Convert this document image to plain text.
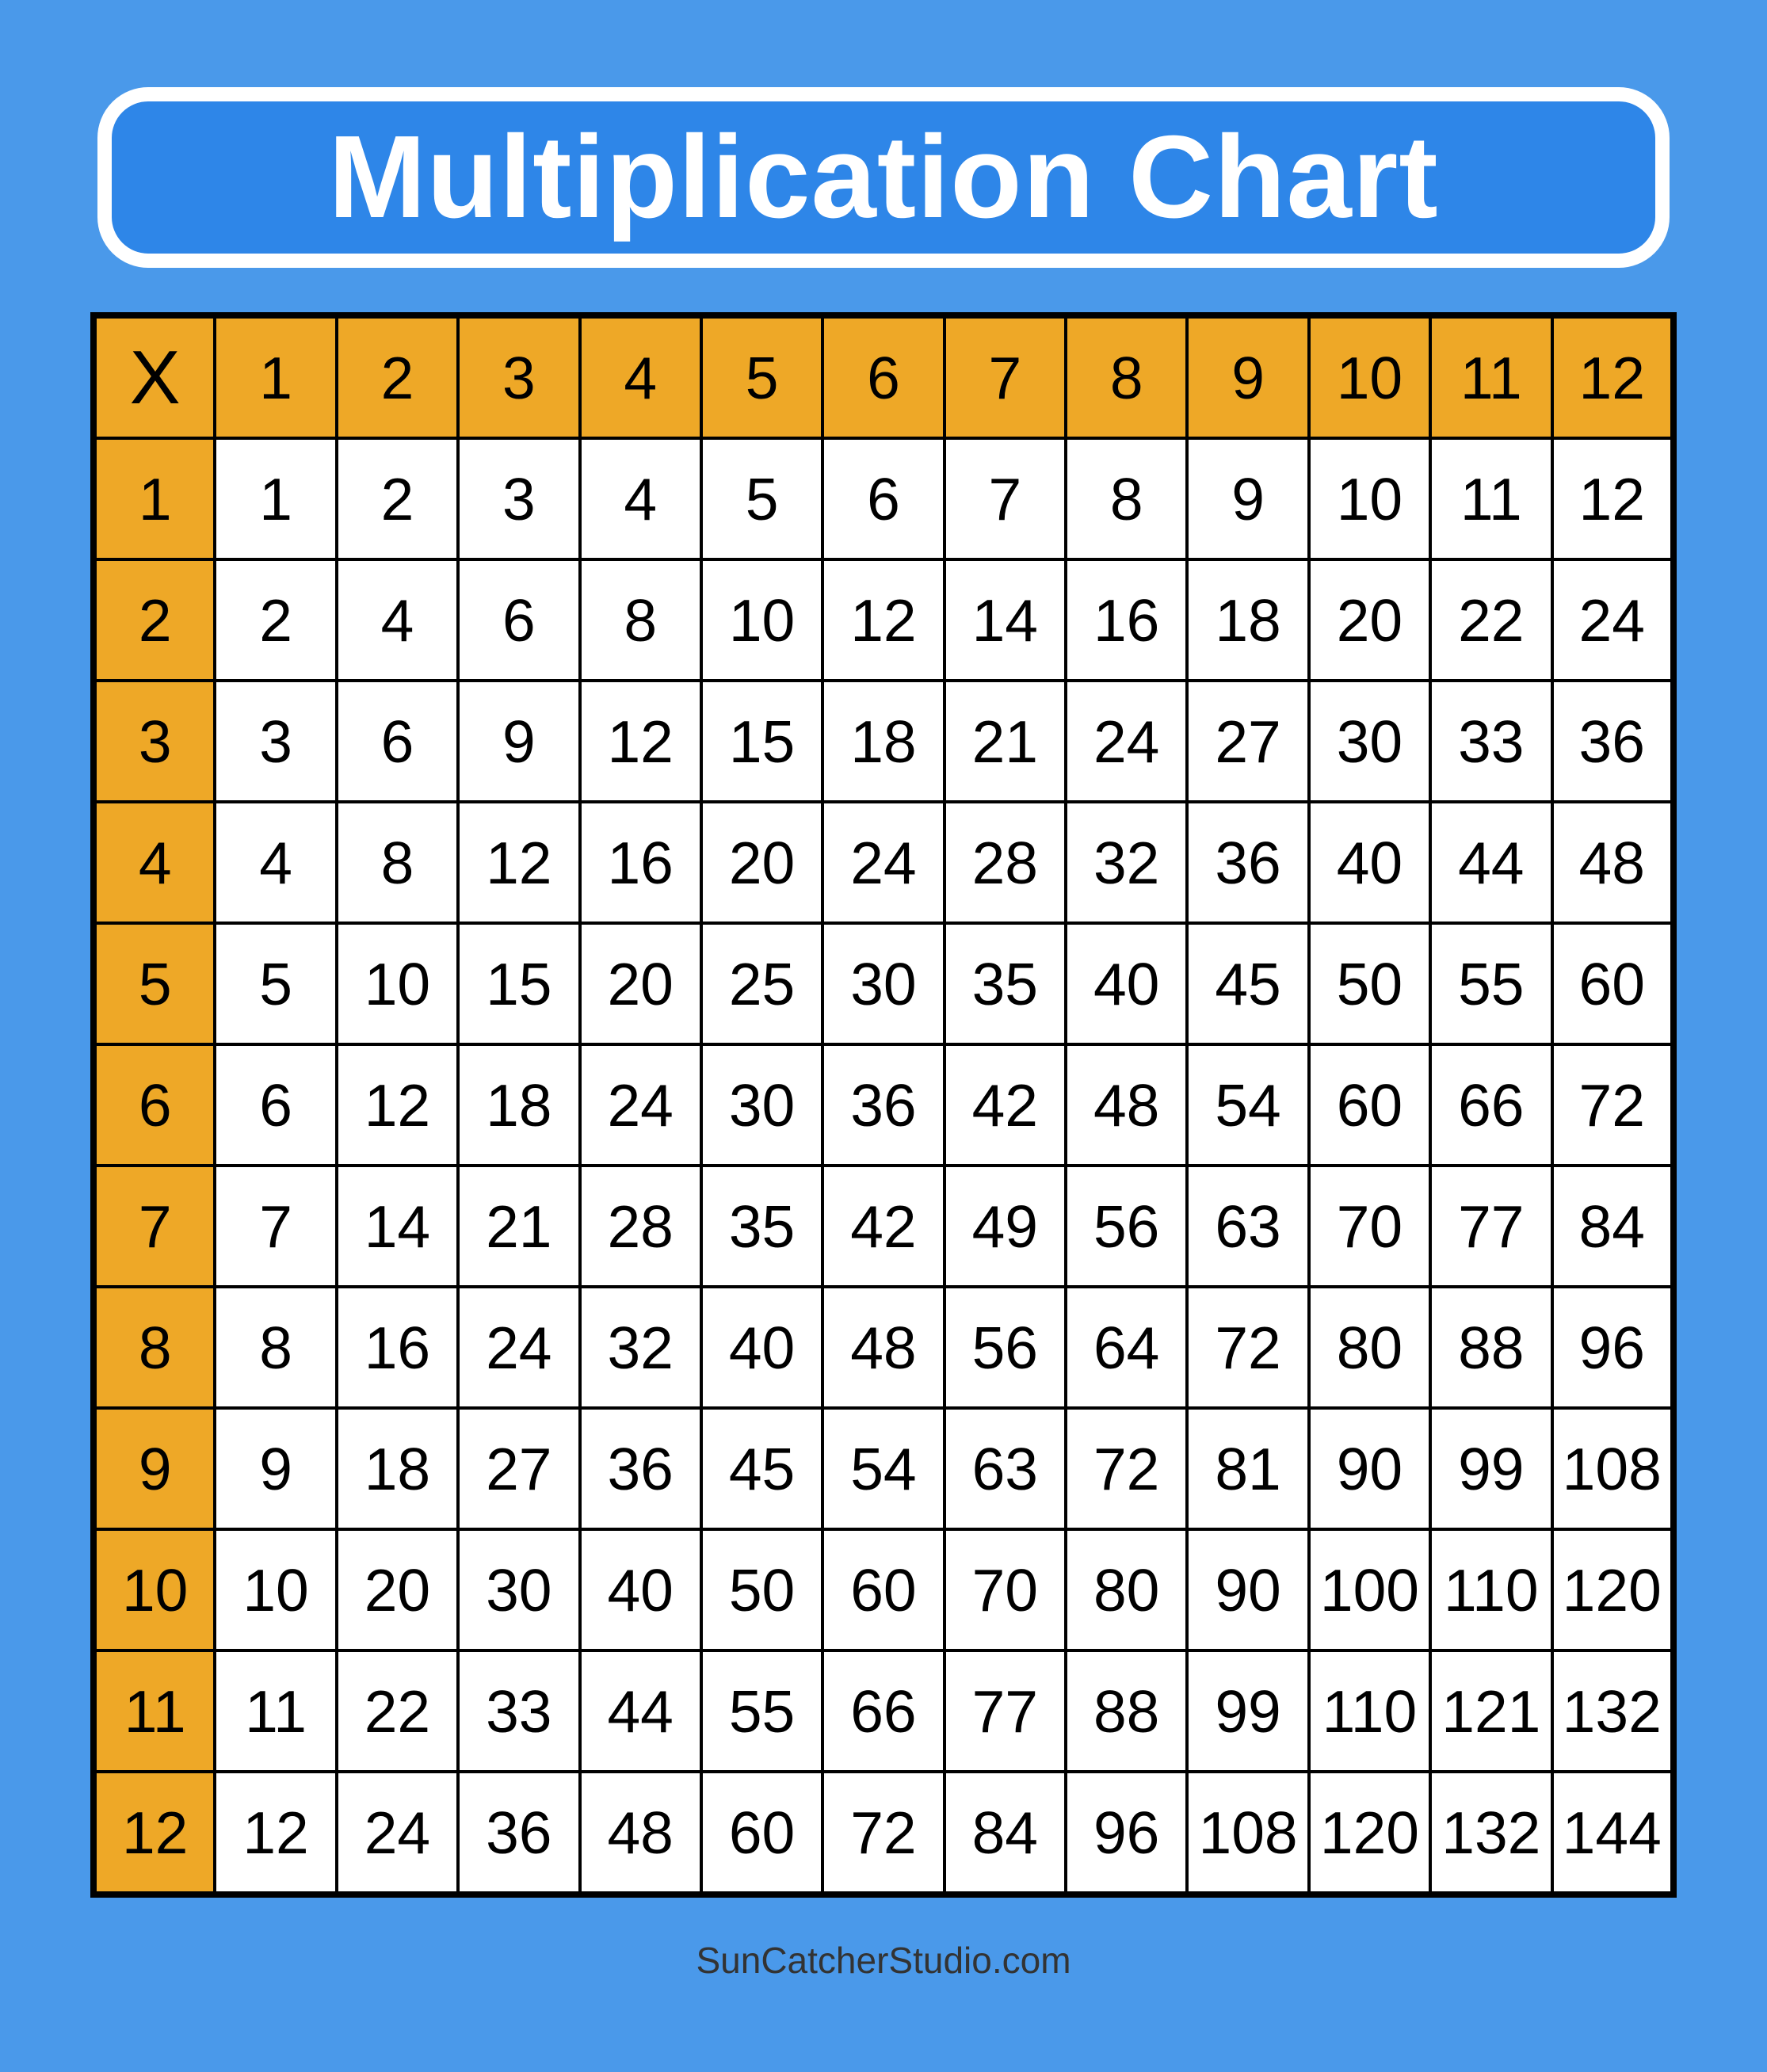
Multiplication Chart
X	1	2	3	4	5	6	7	8	9	10	11	12
1	1	2	3	4	5	6	7	8	9	10	11	12
2	2	4	6	8	10	12	14	16	18	20	22	24
3	3	6	9	12	15	18	21	24	27	30	33	36
4	4	8	12	16	20	24	28	32	36	40	44	48
5	5	10	15	20	25	30	35	40	45	50	55	60
6	6	12	18	24	30	36	42	48	54	60	66	72
7	7	14	21	28	35	42	49	56	63	70	77	84
8	8	16	24	32	40	48	56	64	72	80	88	96
9	9	18	27	36	45	54	63	72	81	90	99	108
10	10	20	30	40	50	60	70	80	90	100	110	120
11	11	22	33	44	55	66	77	88	99	110	121	132
12	12	24	36	48	60	72	84	96	108	120	132	144
SunCatcherStudio.com
